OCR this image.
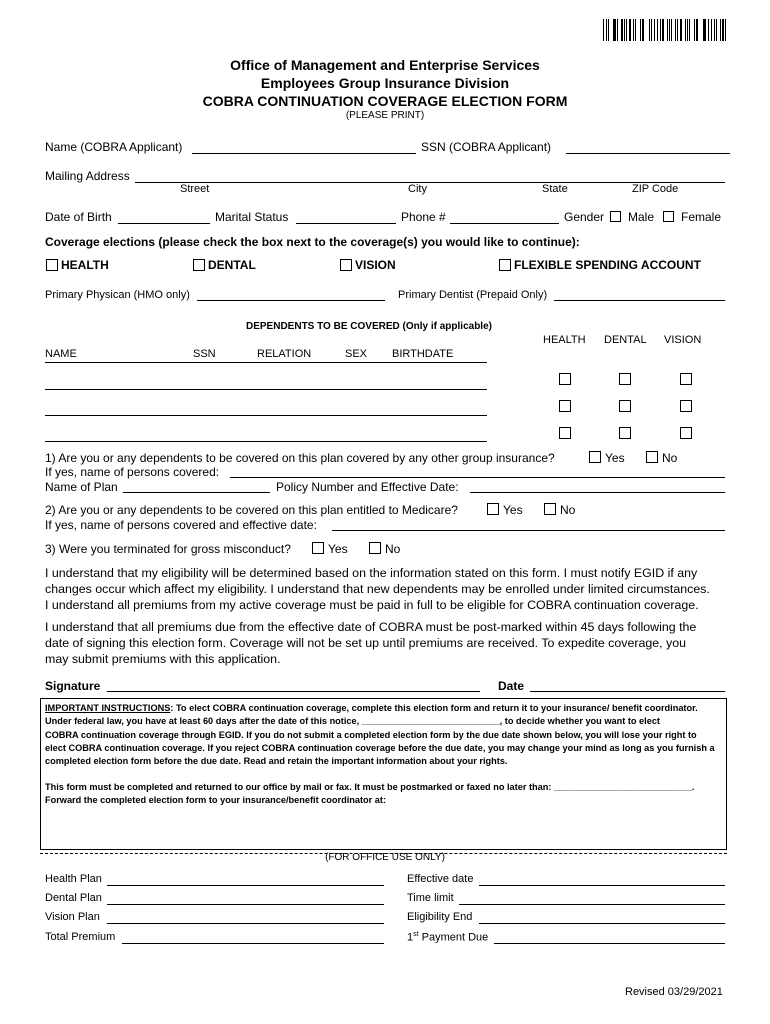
Office of Management and Enterprise Services
Employees Group Insurance Division
COBRA CONTINUATION COVERAGE ELECTION FORM
(PLEASE PRINT)
Name (COBRA Applicant)	SSN (COBRA Applicant)
Mailing Address
Street	City	State	ZIP Code
Date of Birth	Marital Status	Phone #	Gender Male Female
Coverage elections (please check the box next to the coverage(s) you would like to continue):
HEALTH	DENTAL	VISION	FLEXIBLE SPENDING ACCOUNT
Primary Physican (HMO only)	Primary Dentist (Prepaid Only)
DEPENDENTS TO BE COVERED (Only if applicable)
HEALTH DENTAL VISION
NAME	SSN	RELATION	SEX BIRTHDATE
1) Are you or any dependents to be covered on this plan covered by any other group insurance?	Yes	No
If yes, name of persons covered:
Name of Plan	Policy Number and Effective Date:
2) Are you or any dependents to be covered on this plan entitled to Medicare?	Yes	No
If yes, name of persons covered and effective date:
3) Were you terminated for gross misconduct?	Yes	No
I understand that my eligibility will be determined based on the information stated on this form. I must notify EGID if any
changes occur which affect my eligibility. I understand that new dependents may be enrolled under limited circumstances.
I understand all premiums from my active coverage must be paid in full to be eligible for COBRA continuation coverage.
I understand that all premiums due from the effective date of COBRA must be post-marked within 45 days following the
date of signing this election form. Coverage will not be set up until premiums are received. To expedite coverage, you
may submit premiums with this application.
Signature	Date
IMPORTANT INSTRUCTIONS: To elect COBRA continuation coverage, complete this election form and return it to your insurance/ benefit coordinator.
Under federal law, you have at least 60 days after the date of this notice, ___________________________, to decide whether you want to elect
COBRA continuation coverage through EGID. If you do not submit a completed election form by the due date shown below, you will lose your right to
elect COBRA continuation coverage. If you reject COBRA continuation coverage before the due date, you may change your mind as long as you furnish a
completed election form before the due date. Read and retain the important information about your rights.
This form must be completed and returned to our office by mail or fax. It must be postmarked or faxed no later than: ___________________________.
Forward the completed election form to your insurance/benefit coordinator at:
(FOR OFFICE USE ONLY)
Health Plan	Effective date
Dental Plan	Time limit
Vision Plan	Eligibility End
Total Premium	1st Payment Due
Revised 03/29/2021
